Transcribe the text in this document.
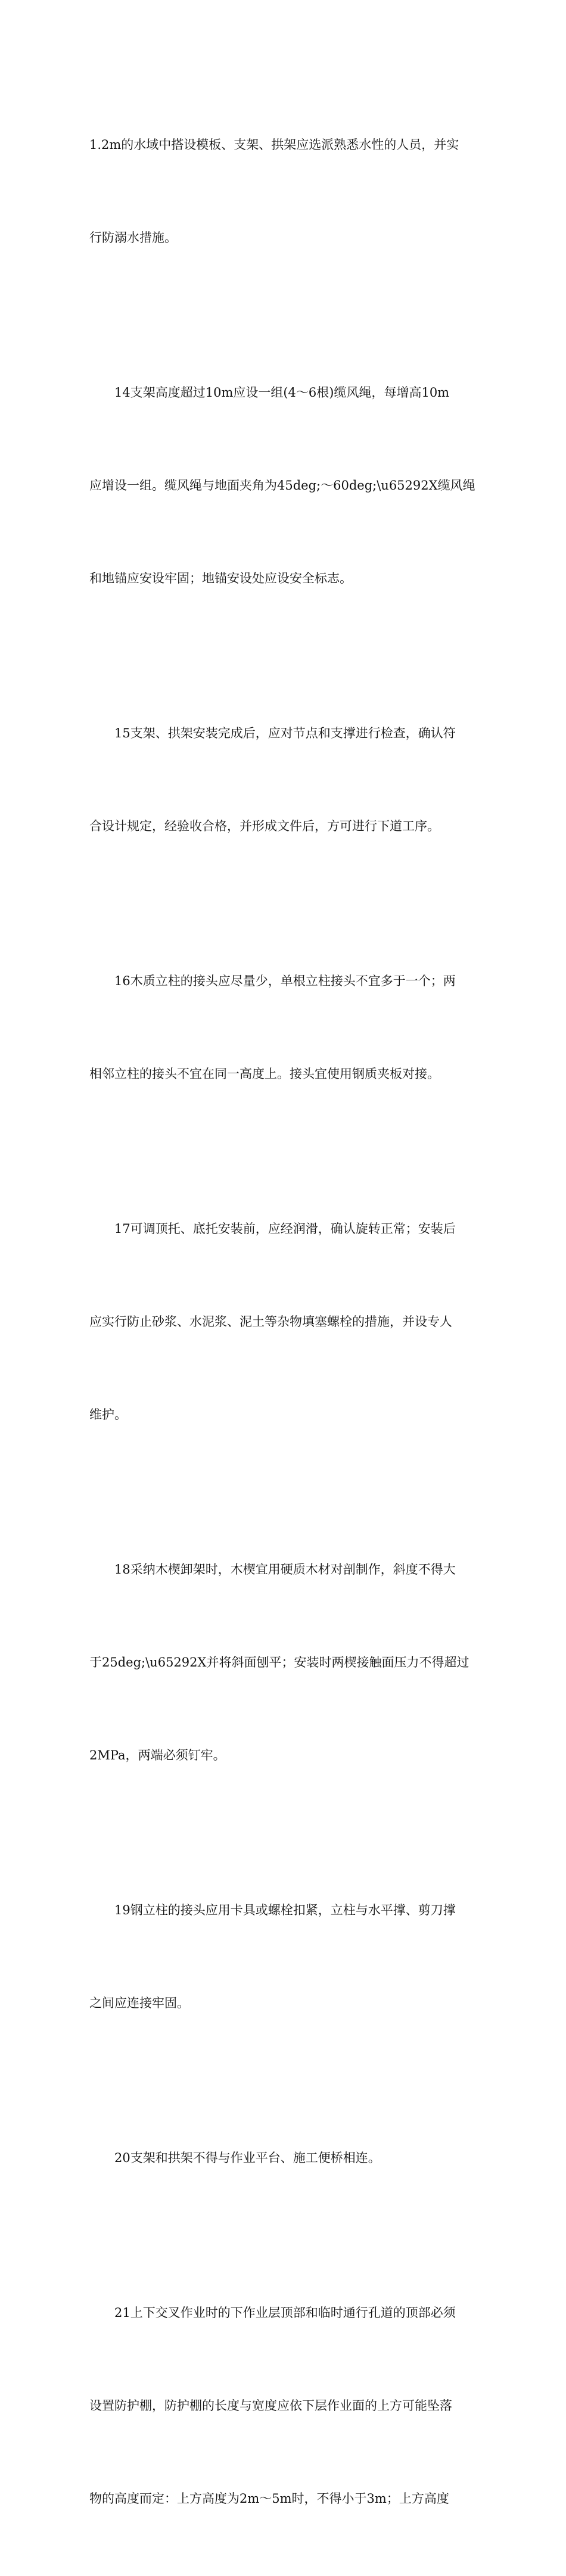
1.2m的水域中搭设模板、支架、拱架应选派熟悉水性的人员，并实

行防溺水措施。

14支架高度超过10m应设一组(4～6根)缆风绳，每增高10m

应增设一组。缆风绳与地面夹角为45deg;～60deg;\u65292X缆风绳

和地锚应安设牢固；地锚安设处应设安全标志。

15支架、拱架安装完成后，应对节点和支撑进行检查，确认符

合设计规定，经验收合格，并形成文件后，方可进行下道工序。

16木质立柱的接头应尽量少，单根立柱接头不宜多于一个；两

相邻立柱的接头不宜在同一高度上。接头宜使用钢质夹板对接。

17可调顶托、底托安装前，应经润滑，确认旋转正常；安装后

应实行防止砂浆、水泥浆、泥土等杂物填塞螺栓的措施，并设专人

维护。

18采纳木楔卸架时，木楔宜用硬质木材对剖制作，斜度不得大

于25deg;\u65292X并将斜面刨平；安装时两楔接触面压力不得超过

2MPa，两端必须钉牢。

19钢立柱的接头应用卡具或螺栓扣紧，立柱与水平撑、剪刀撑

之间应连接牢固。

20支架和拱架不得与作业平台、施工便桥相连。

21上下交叉作业时的下作业层顶部和临时通行孔道的顶部必须

设置防护棚，防护棚的长度与宽度应依下层作业面的上方可能坠落

物的高度而定：上方高度为2m～5m时，不得小于3m；上方高度
